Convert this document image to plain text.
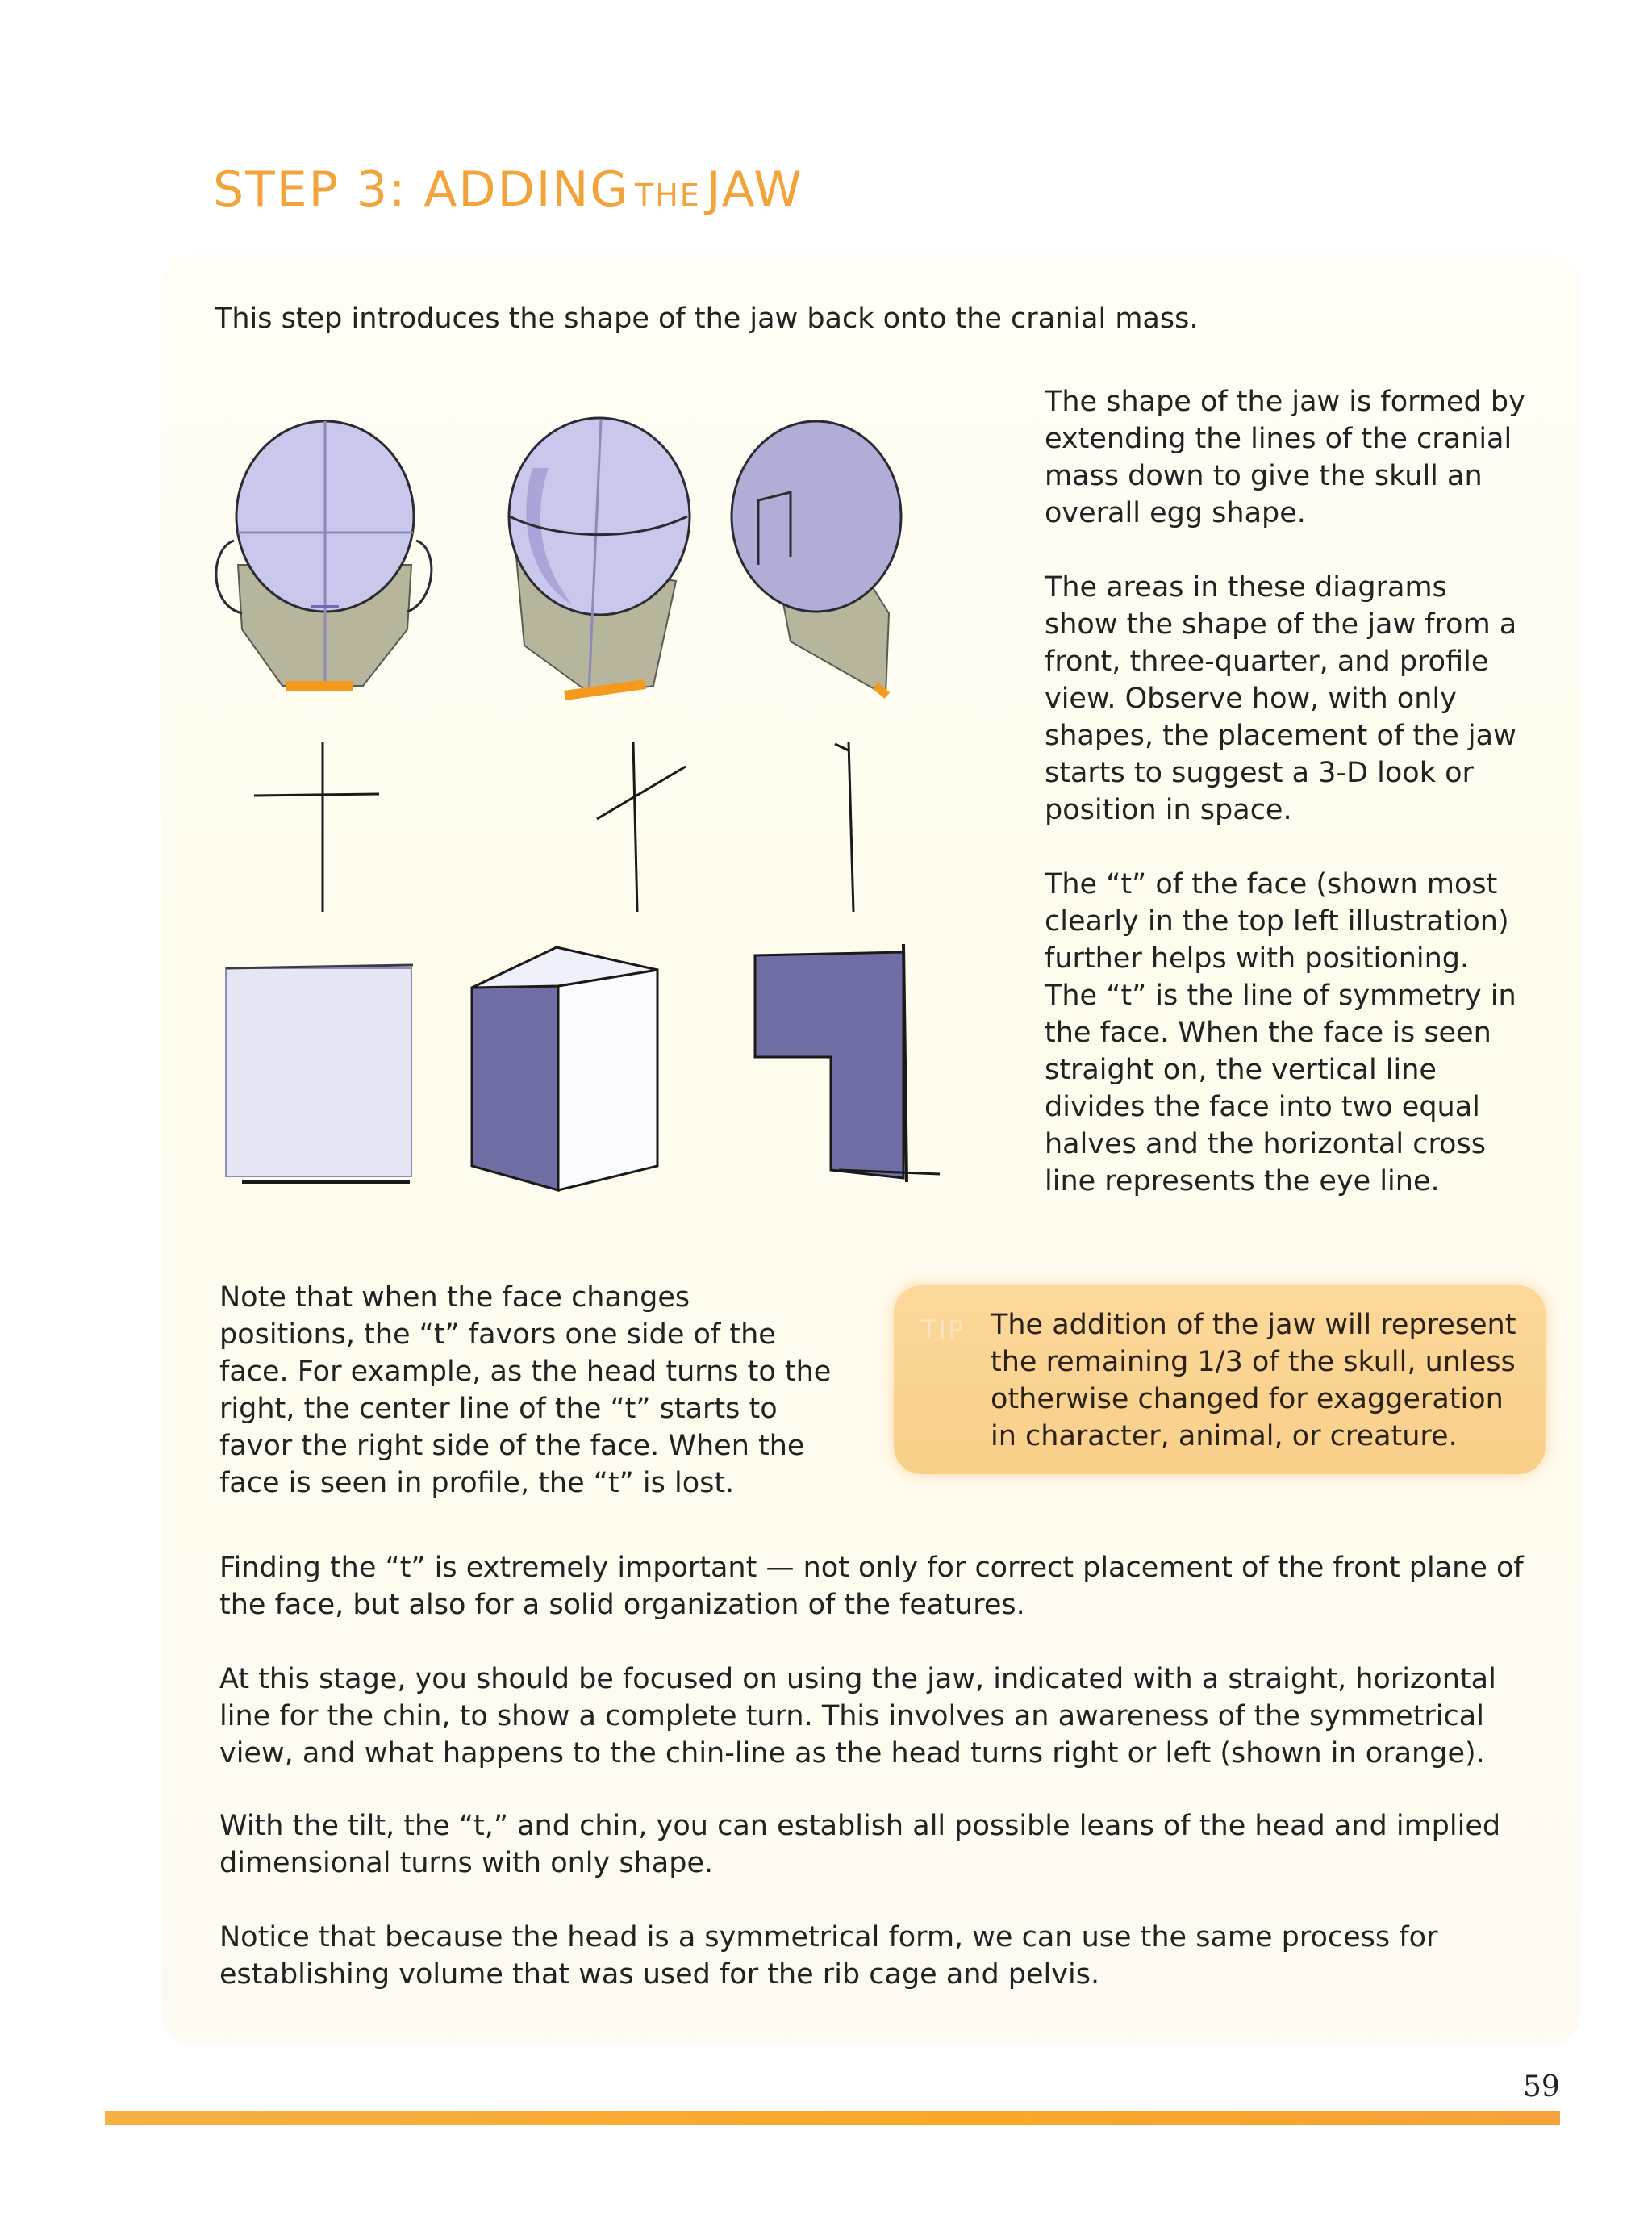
STEP 3: ADDING THE JAW
This step introduces the shape of the jaw back onto the cranial mass.

The shape of the jaw is formed by extending the lines of the cranial mass down to give the skull an overall egg shape.

The areas in these diagrams show the shape of the jaw from a front, three-quarter, and profile view. Observe how, with only shapes, the placement of the jaw starts to suggest a 3-D look or position in space.

The “t” of the face (shown most clearly in the top left illustration) further helps with positioning. The “t” is the line of symmetry in the face. When the face is seen straight on, the vertical line divides the face into two equal halves and the horizontal cross line represents the eye line.

Note that when the face changes positions, the “t” favors one side of the face. For example, as the head turns to the right, the center line of the “t” starts to favor the right side of the face. When the face is seen in profile, the “t” is lost.

TIP The addition of the jaw will represent the remaining 1/3 of the skull, unless otherwise changed for exaggeration in character, animal, or creature.

Finding the “t” is extremely important — not only for correct placement of the front plane of the face, but also for a solid organization of the features.

At this stage, you should be focused on using the jaw, indicated with a straight, horizontal line for the chin, to show a complete turn. This involves an awareness of the symmetrical view, and what happens to the chin-line as the head turns right or left (shown in orange).

With the tilt, the “t,” and chin, you can establish all possible leans of the head and implied dimensional turns with only shape.

Notice that because the head is a symmetrical form, we can use the same process for establishing volume that was used for the rib cage and pelvis.

59
